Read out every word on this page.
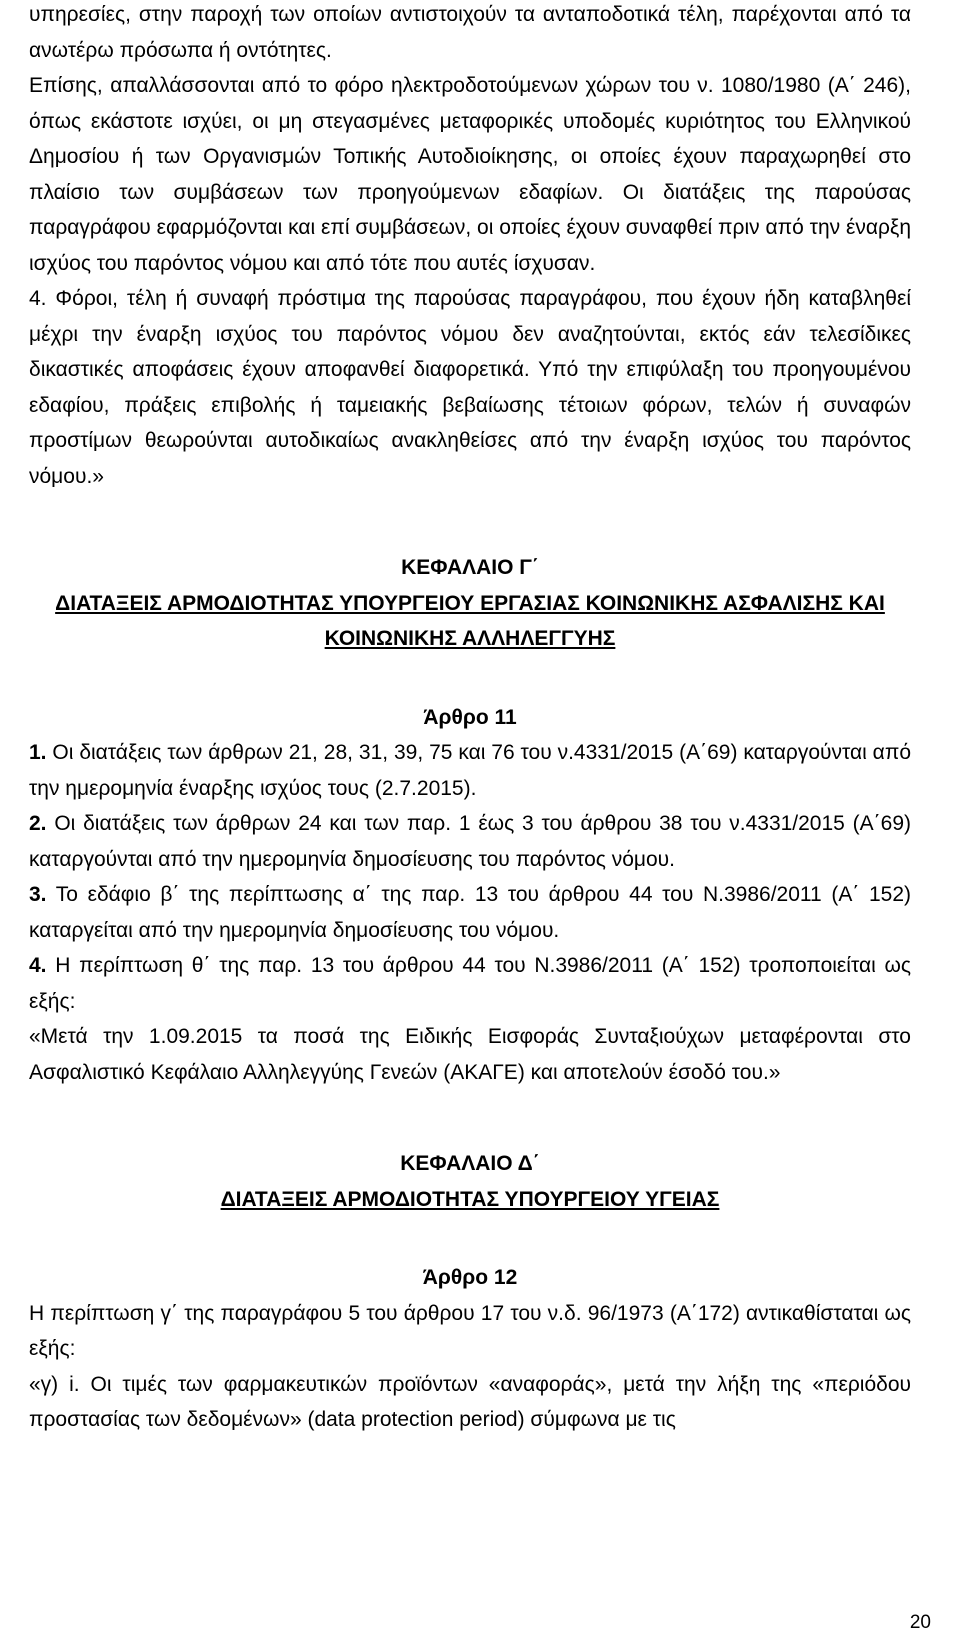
υπηρεσίες, στην παροχή των οποίων αντιστοιχούν τα ανταποδοτικά τέλη, παρέχονται από τα ανωτέρω πρόσωπα ή οντότητες.

Επίσης, απαλλάσσονται από το φόρο ηλεκτροδοτούμενων χώρων του ν. 1080/1980 (Α΄ 246), όπως εκάστοτε ισχύει, οι μη στεγασμένες μεταφορικές υποδομές κυριότητος του Ελληνικού Δημοσίου ή των Οργανισμών Τοπικής Αυτοδιοίκησης, οι οποίες έχουν παραχωρηθεί στο πλαίσιο των συμβάσεων των προηγούμενων εδαφίων. Οι διατάξεις της παρούσας παραγράφου εφαρμόζονται και επί συμβάσεων, οι οποίες έχουν συναφθεί πριν από την έναρξη ισχύος του παρόντος νόμου και από τότε που αυτές ίσχυσαν.

4. Φόροι, τέλη ή συναφή πρόστιμα της παρούσας παραγράφου, που έχουν ήδη καταβληθεί μέχρι την έναρξη ισχύος του παρόντος νόμου δεν αναζητούνται, εκτός εάν τελεσίδικες δικαστικές αποφάσεις έχουν αποφανθεί διαφορετικά. Υπό την επιφύλαξη του προηγουμένου εδαφίου, πράξεις επιβολής ή ταμειακής βεβαίωσης τέτοιων φόρων, τελών ή συναφών προστίμων θεωρούνται αυτοδικαίως ανακληθείσες από την έναρξη ισχύος του παρόντος νόμου.»

ΚΕΦΑΛΑΙΟ Γ΄
ΔΙΑΤΑΞΕΙΣ ΑΡΜΟΔΙΟΤΗΤΑΣ ΥΠΟΥΡΓΕΙΟΥ ΕΡΓΑΣΙΑΣ ΚΟΙΝΩΝΙΚΗΣ ΑΣΦΑΛΙΣΗΣ ΚΑΙ ΚΟΙΝΩΝΙΚΗΣ ΑΛΛΗΛΕΓΓΥΗΣ
Άρθρο 11

1. Οι διατάξεις των άρθρων 21, 28, 31, 39, 75 και 76 του ν.4331/2015 (Α΄69) καταργούνται από την ημερομηνία έναρξης ισχύος τους (2.7.2015).

2. Οι διατάξεις των άρθρων 24 και των παρ. 1 έως 3 του άρθρου 38 του ν.4331/2015 (Α΄69) καταργούνται από την ημερομηνία δημοσίευσης του παρόντος νόμου.

3. Το εδάφιο β΄ της περίπτωσης α΄ της παρ. 13 του άρθρου 44 του Ν.3986/2011 (Α΄ 152) καταργείται από την ημερομηνία δημοσίευσης του νόμου.

4. Η περίπτωση θ΄ της παρ. 13 του άρθρου 44 του Ν.3986/2011 (Α΄ 152) τροποποιείται ως εξής:

«Μετά την 1.09.2015 τα ποσά της Ειδικής Εισφοράς Συνταξιούχων μεταφέρονται στο Ασφαλιστικό Κεφάλαιο Αλληλεγγύης Γενεών (ΑΚΑΓΕ) και αποτελούν έσοδό του.»

ΚΕΦΑΛΑΙΟ Δ΄
ΔΙΑΤΑΞΕΙΣ ΑΡΜΟΔΙΟΤΗΤΑΣ ΥΠΟΥΡΓΕΙΟΥ ΥΓΕΙΑΣ
Άρθρο 12

Η περίπτωση γ΄ της παραγράφου 5 του άρθρου 17 του ν.δ. 96/1973 (Α΄172) αντικαθίσταται ως εξής:

«γ) i. Οι τιμές των φαρμακευτικών προϊόντων «αναφοράς», μετά την λήξη της «περιόδου προστασίας των δεδομένων» (data protection period) σύμφωνα με τις

20
